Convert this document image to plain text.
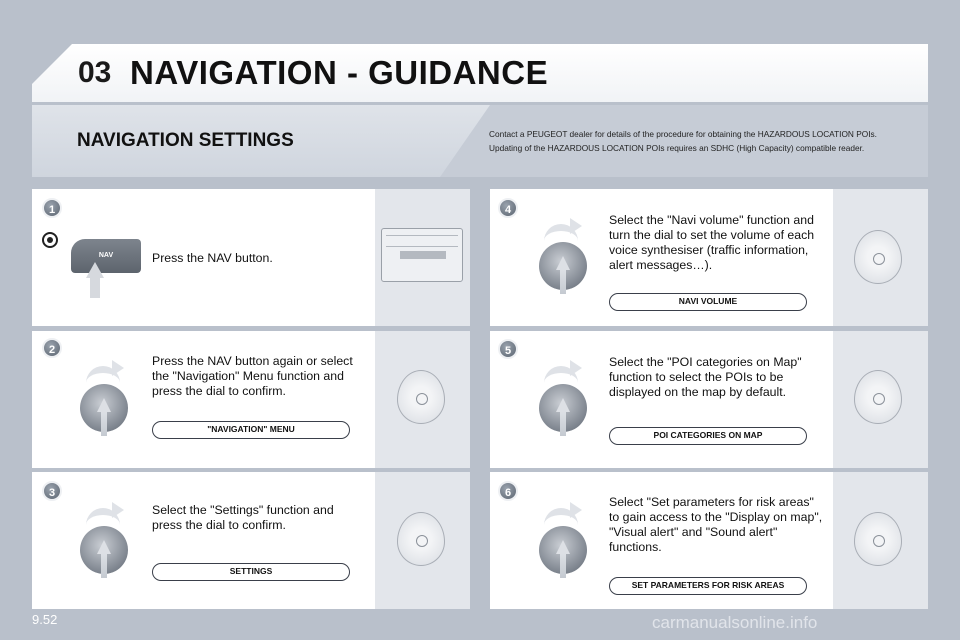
03 NAVIGATION - GUIDANCE
NAVIGATION SETTINGS	Contact a PEUGEOT dealer for details of the procedure for obtaining the HAZARDOUS LOCATION POIs.
Updating of the HAZARDOUS LOCATION POIs requires an SDHC (High Capacity) compatible reader.
1
NAV	Press the NAV button.
2
Press the NAV button again or select the "Navigation" Menu function and press the dial to confirm.
"NAVIGATION" MENU
3
Select the "Settings" function and press the dial to confirm.
SETTINGS
4
Select the "Navi volume" function and turn the dial to set the volume of each voice synthesiser (traffic information, alert messages…).
NAVI VOLUME
5
Select the "POI categories on Map" function to select the POIs to be displayed on the map by default.
POI CATEGORIES ON MAP
6
Select "Set parameters for risk areas" to gain access to the "Display on map", "Visual alert" and "Sound alert" functions.
SET PARAMETERS FOR RISK AREAS
9.52	carmanualsonline.info
